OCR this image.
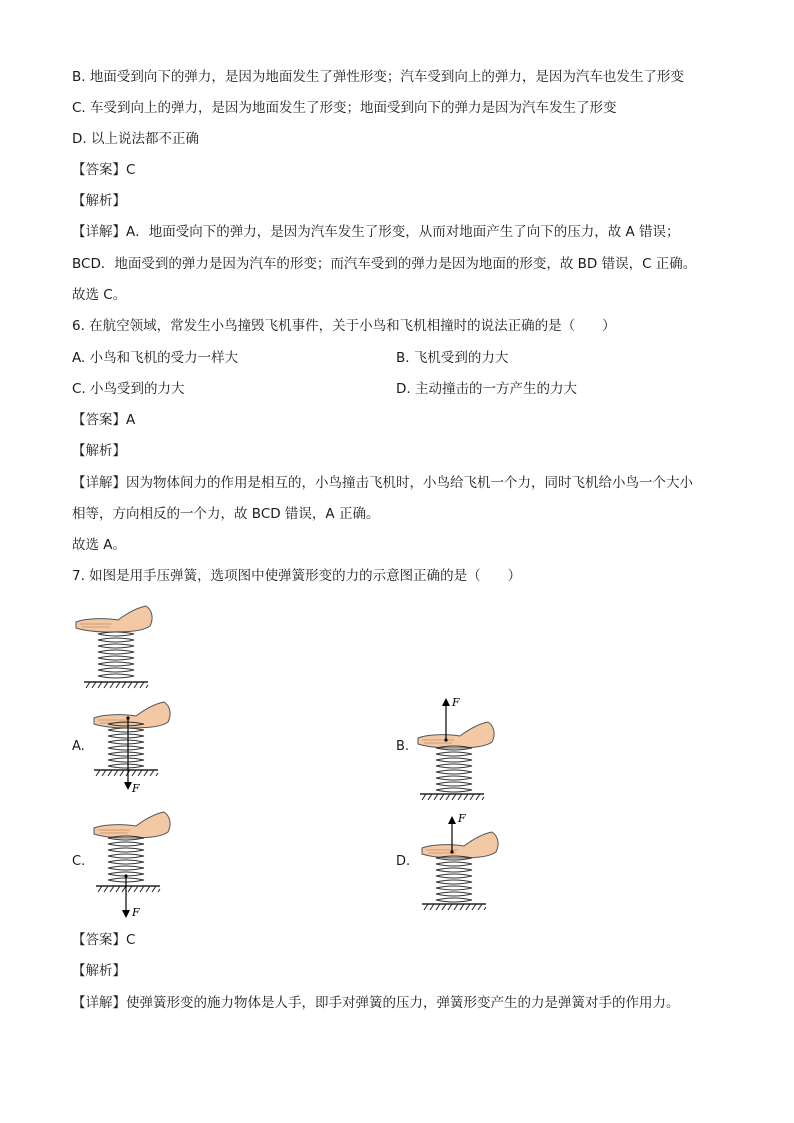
B. 地面受到向下的弹力，是因为地面发生了弹性形变；汽车受到向上的弹力，是因为汽车也发生了形变
C. 车受到向上的弹力，是因为地面发生了形变；地面受到向下的弹力是因为汽车发生了形变
D. 以上说法都不正确
【答案】C
【解析】
【详解】A．地面受向下的弹力，是因为汽车发生了形变，从而对地面产生了向下的压力，故 A 错误；
BCD．地面受到的弹力是因为汽车的形变；而汽车受到的弹力是因为地面的形变，故 BD 错误，C 正确。
故选 C。
6. 在航空领域，常发生小鸟撞毁飞机事件，关于小鸟和飞机相撞时的说法正确的是（　　）
A. 小鸟和飞机的受力一样大	B. 飞机受到的力大
C. 小鸟受到的力大	D. 主动撞击的一方产生的力大
【答案】A
【解析】
【详解】因为物体间力的作用是相互的，小鸟撞击飞机时，小鸟给飞机一个力，同时飞机给小鸟一个大小
相等，方向相反的一个力，故 BCD 错误，A 正确。
故选 A。
7. 如图是用手压弹簧，选项图中使弹簧形变的力的示意图正确的是（　　）
A.
F
B.
F
C.
F
D.
F
【答案】C
【解析】
【详解】使弹簧形变的施力物体是人手，即手对弹簧的压力，弹簧形变产生的力是弹簧对手的作用力。
